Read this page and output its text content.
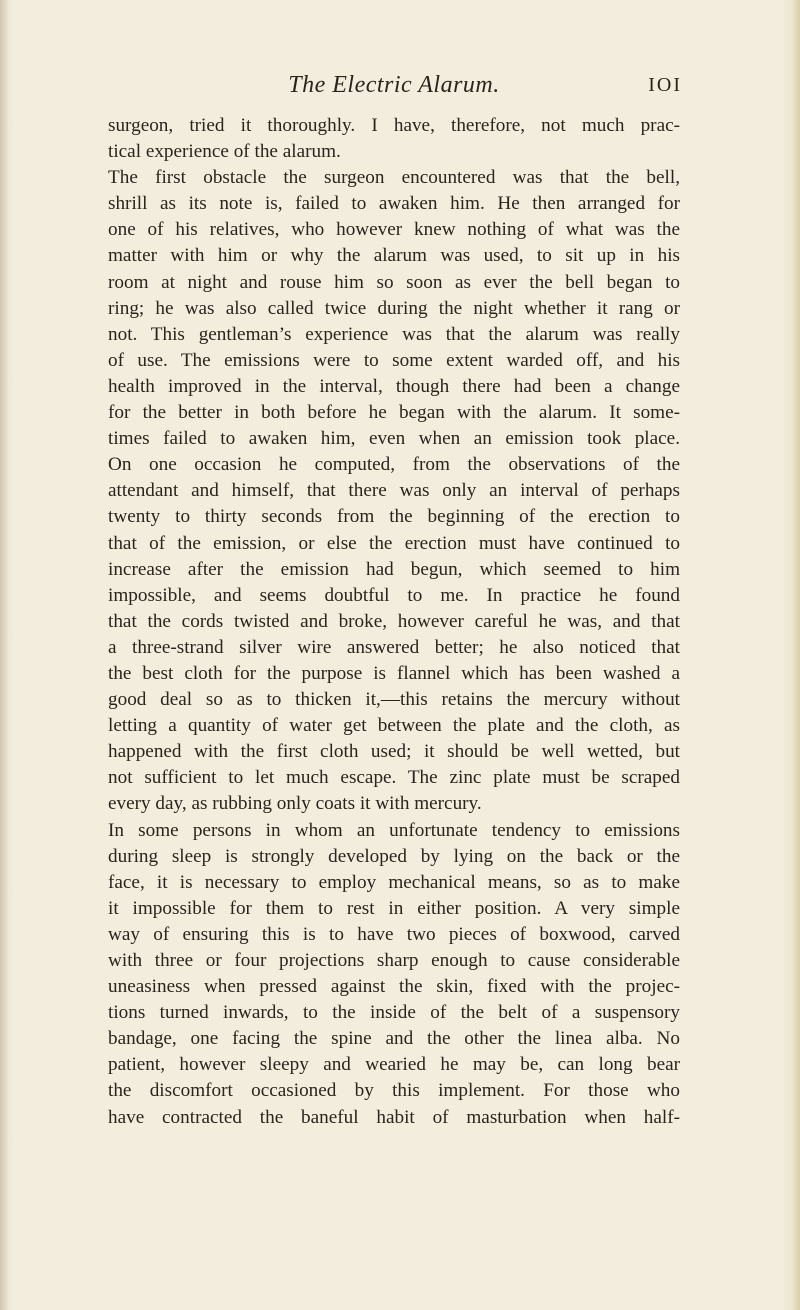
The Electric Alarum.	IOI
surgeon, tried it thoroughly. I have, therefore, not much prac-
tical experience of the alarum.
The first obstacle the surgeon encountered was that the bell,
shrill as its note is, failed to awaken him. He then arranged for
one of his relatives, who however knew nothing of what was the
matter with him or why the alarum was used, to sit up in his
room at night and rouse him so soon as ever the bell began to
ring; he was also called twice during the night whether it rang or
not. This gentleman’s experience was that the alarum was really
of use. The emissions were to some extent warded off, and his
health improved in the interval, though there had been a change
for the better in both before he began with the alarum. It some-
times failed to awaken him, even when an emission took place.
On one occasion he computed, from the observations of the
attendant and himself, that there was only an interval of perhaps
twenty to thirty seconds from the beginning of the erection to
that of the emission, or else the erection must have continued to
increase after the emission had begun, which seemed to him
impossible, and seems doubtful to me. In practice he found
that the cords twisted and broke, however careful he was, and that
a three-strand silver wire answered better; he also noticed that
the best cloth for the purpose is flannel which has been washed a
good deal so as to thicken it,—this retains the mercury without
letting a quantity of water get between the plate and the cloth, as
happened with the first cloth used; it should be well wetted, but
not sufficient to let much escape. The zinc plate must be scraped
every day, as rubbing only coats it with mercury.
In some persons in whom an unfortunate tendency to emissions
during sleep is strongly developed by lying on the back or the
face, it is necessary to employ mechanical means, so as to make
it impossible for them to rest in either position. A very simple
way of ensuring this is to have two pieces of boxwood, carved
with three or four projections sharp enough to cause considerable
uneasiness when pressed against the skin, fixed with the projec-
tions turned inwards, to the inside of the belt of a suspensory
bandage, one facing the spine and the other the linea alba. No
patient, however sleepy and wearied he may be, can long bear
the discomfort occasioned by this implement. For those who
have contracted the baneful habit of masturbation when half-
